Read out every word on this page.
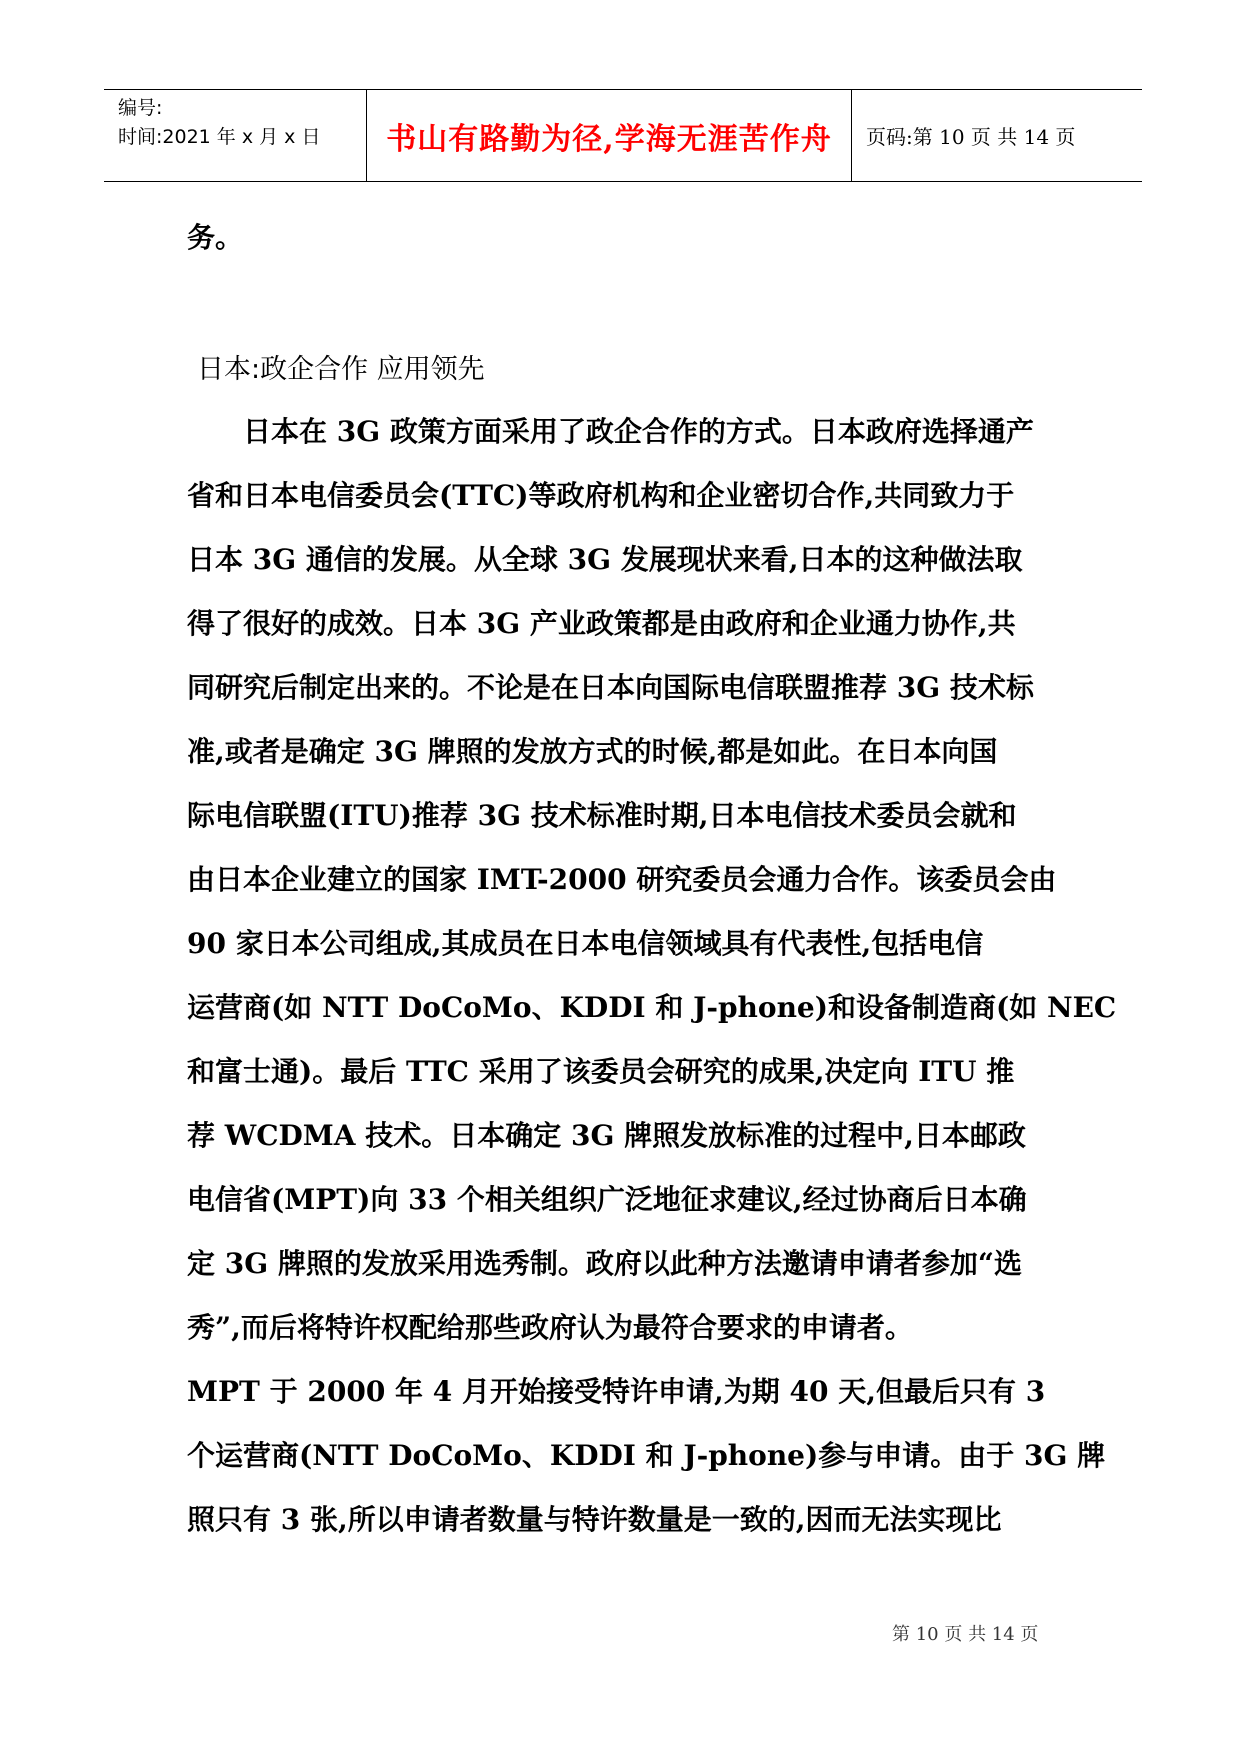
编号:
时间:2021 年 x 月 x 日	书山有路勤为径,学海无涯苦作舟	页码:第 10 页 共 14 页
务。
日本:政企合作 应用领先
日本在 3G 政策方面采用了政企合作的方式。日本政府选择通产
省和日本电信委员会(TTC)等政府机构和企业密切合作,共同致力于
日本 3G 通信的发展。从全球 3G 发展现状来看,日本的这种做法取
得了很好的成效。日本 3G 产业政策都是由政府和企业通力协作,共
同研究后制定出来的。不论是在日本向国际电信联盟推荐 3G 技术标
准,或者是确定 3G 牌照的发放方式的时候,都是如此。在日本向国
际电信联盟(ITU)推荐 3G 技术标准时期,日本电信技术委员会就和
由日本企业建立的国家 IMT-2000 研究委员会通力合作。该委员会由
90 家日本公司组成,其成员在日本电信领域具有代表性,包括电信
运营商(如 NTT DoCoMo、KDDI 和 J-phone)和设备制造商(如 NEC
和富士通)。最后 TTC 采用了该委员会研究的成果,决定向 ITU 推
荐 WCDMA 技术。日本确定 3G 牌照发放标准的过程中,日本邮政
电信省(MPT)向 33 个相关组织广泛地征求建议,经过协商后日本确
定 3G 牌照的发放采用选秀制。政府以此种方法邀请申请者参加“选
秀”,而后将特许权配给那些政府认为最符合要求的申请者。
MPT 于 2000 年 4 月开始接受特许申请,为期 40 天,但最后只有 3
个运营商(NTT DoCoMo、KDDI 和 J-phone)参与申请。由于 3G 牌
照只有 3 张,所以申请者数量与特许数量是一致的,因而无法实现比
第 10 页 共 14 页
